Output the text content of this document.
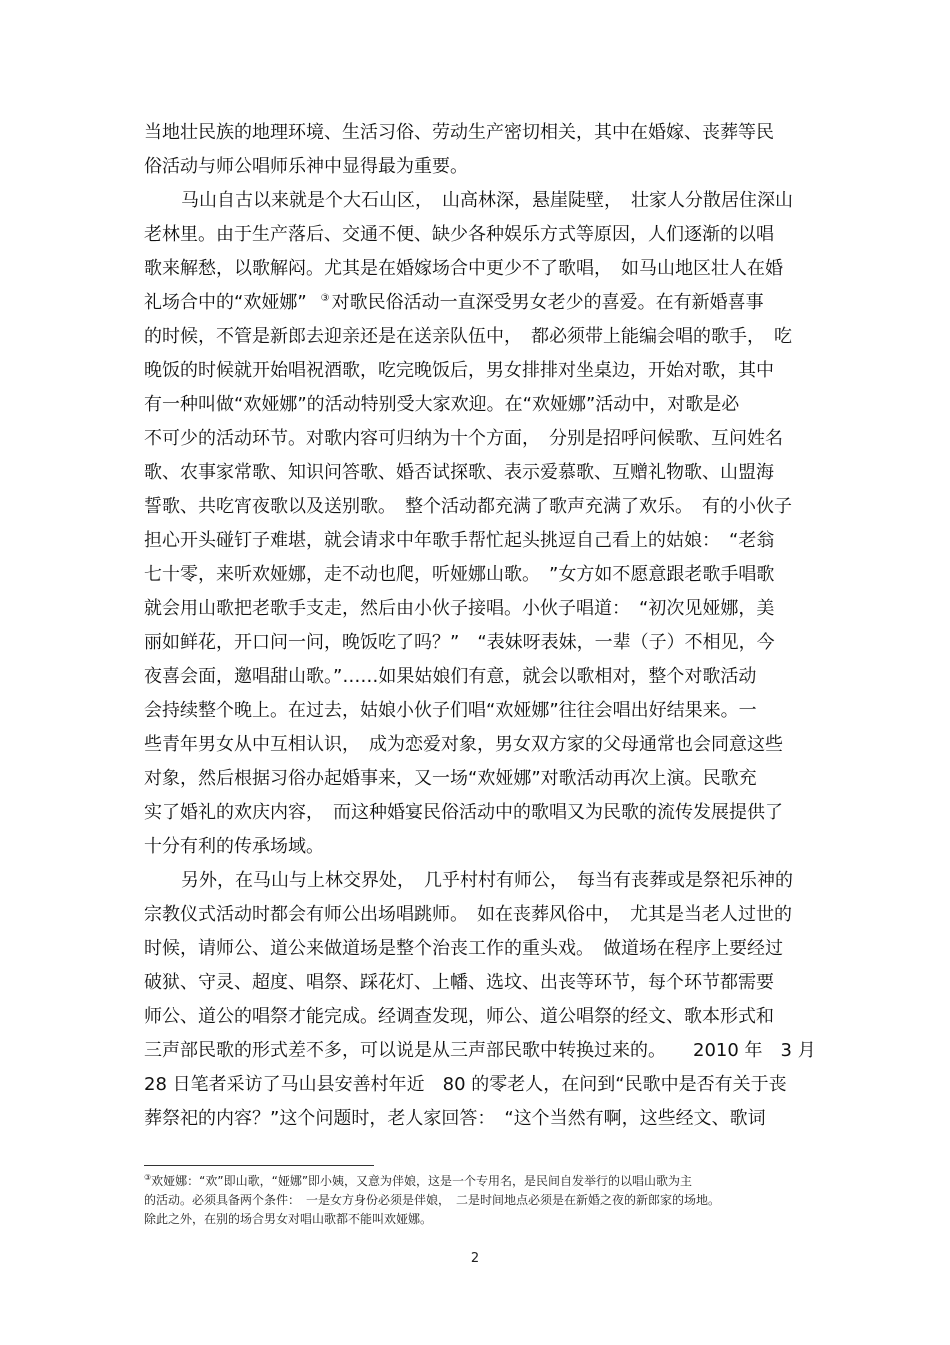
当地壮民族的地理环境、生活习俗、劳动生产密切相关，其中在婚嫁、丧葬等民
俗活动与师公唱师乐神中显得最为重要。
马山自古以来就是个大石山区，　山高林深，悬崖陡壁，　壮家人分散居住深山
老林里。由于生产落后、交通不便、缺少各种娱乐方式等原因，人们逐渐的以唱
歌来解愁，以歌解闷。尤其是在婚嫁场合中更少不了歌唱，　如马山地区壮人在婚
礼场合中的“欢娅娜” ③ 对歌民俗活动一直深受男女老少的喜爱。在有新婚喜事
的时候，不管是新郎去迎亲还是在送亲队伍中，　都必须带上能编会唱的歌手，　吃
晚饭的时候就开始唱祝酒歌，吃完晚饭后，男女排排对坐桌边，开始对歌，其中
有一种叫做“欢娅娜”的活动特别受大家欢迎。在“欢娅娜”活动中，对歌是必
不可少的活动环节。对歌内容可归纳为十个方面，　分别是招呼问候歌、互问姓名
歌、农事家常歌、知识问答歌、婚否试探歌、表示爱慕歌、互赠礼物歌、山盟海
誓歌、共吃宵夜歌以及送别歌。　整个活动都充满了歌声充满了欢乐。　有的小伙子
担心开头碰钉子难堪，就会请求中年歌手帮忙起头挑逗自己看上的姑娘：　“老翁
七十零，来听欢娅娜，走不动也爬，听娅娜山歌。　”女方如不愿意跟老歌手唱歌
就会用山歌把老歌手支走，然后由小伙子接唱。小伙子唱道：　“初次见娅娜，美
丽如鲜花，开口问一问，晚饭吃了吗？”　“表妹呀表妹，一辈（子）不相见，今
夜喜会面，邀唱甜山歌。”……如果姑娘们有意，就会以歌相对，整个对歌活动
会持续整个晚上。在过去，姑娘小伙子们唱“欢娅娜”往往会唱出好结果来。一
些青年男女从中互相认识，　成为恋爱对象，男女双方家的父母通常也会同意这些
对象，然后根据习俗办起婚事来，又一场“欢娅娜”对歌活动再次上演。民歌充
实了婚礼的欢庆内容，　而这种婚宴民俗活动中的歌唱又为民歌的流传发展提供了
十分有利的传承场域。
另外，在马山与上林交界处，　几乎村村有师公，　每当有丧葬或是祭祀乐神的
宗教仪式活动时都会有师公出场唱跳师。　如在丧葬风俗中，　尤其是当老人过世的
时候，请师公、道公来做道场是整个治丧工作的重头戏。　做道场在程序上要经过
破狱、守灵、超度、唱祭、踩花灯、上幡、选坟、出丧等环节，每个环节都需要
师公、道公的唱祭才能完成。经调查发现，师公、道公唱祭的经文、歌本形式和
三声部民歌的形式差不多，可以说是从三声部民歌中转换过来的。　　2010 年　3 月
28 日笔者采访了马山县安善村年近　80 的零老人，在问到“民歌中是否有关于丧
葬祭祀的内容？”这个问题时，老人家回答：　“这个当然有啊，这些经文、歌词
③欢娅娜：“欢”即山歌，“娅娜”即小姨，又意为伴娘，这是一个专用名，是民间自发举行的以唱山歌为主
的活动。必须具备两个条件：　一是女方身份必须是伴娘，　二是时间地点必须是在新婚之夜的新郎家的场地。
除此之外，在别的场合男女对唱山歌都不能叫欢娅娜。
2
